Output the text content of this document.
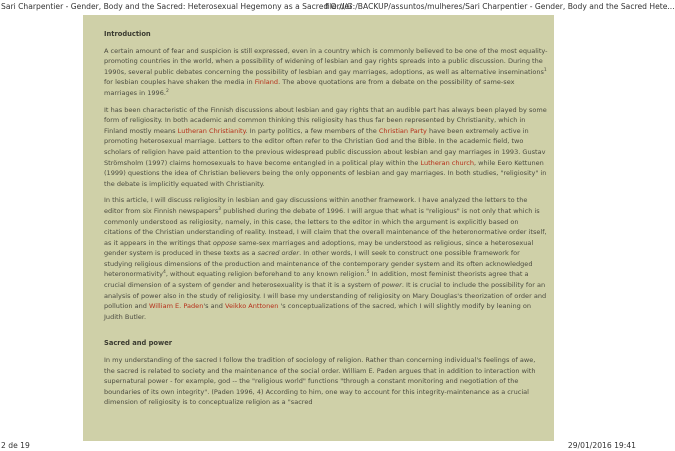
Sari Charpentier - Gender, Body and the Sacred: Heterosexual Hegemony as a Sacred Order
file:///G:/BACKUP/assuntos/mulheres/Sari Charpentier - Gender, Body and the Sacred Hete...
Introduction

A certain amount of fear and suspicion is still expressed, even in a country which is commonly believed to be one of the most equality-promoting countries in the world, when a possibility of widening of lesbian and gay rights spreads into a public discussion. During the 1990s, several public debates concerning the possibility of lesbian and gay marriages, adoptions, as well as alternative inseminations$^1$ for lesbian couples have shaken the media in Finland. The above quotations are from a debate on the possibility of same-sex marriages in 1996.$^2$

It has been characteristic of the Finnish discussions about lesbian and gay rights that an audible part has always been played by some form of religiosity. In both academic and common thinking this religiosity has thus far been represented by Christianity, which in Finland mostly means Lutheran Christianity. In party politics, a few members of the Christian Party have been extremely active in promoting heterosexual marriage. Letters to the editor often refer to the Christian God and the Bible. In the academic field, two scholars of religion have paid attention to the previous widespread public discussion about lesbian and gay marriages in 1993. Gustav Strömsholm (1997) claims homosexuals to have become entangled in a political play within the Lutheran church, while Eero Kettunen (1999) questions the idea of Christian believers being the only opponents of lesbian and gay marriages. In both studies, "religiosity" in the debate is implicitly equated with Christianity.

In this article, I will discuss religiosity in lesbian and gay discussions within another framework. I have analyzed the letters to the editor from six Finnish newspapers$^3$ published during the debate of 1996. I will argue that what is "religious" is not only that which is commonly understood as religiosity, namely, in this case, the letters to the editor in which the argument is explicitly based on citations of the Christian understanding of reality. Instead, I will claim that the overall maintenance of the heteronormative order itself, as it appears in the writings that oppose same-sex marriages and adoptions, may be understood as religious, since a heterosexual gender system is produced in these texts as a sacred order. In other words, I will seek to construct one possible framework for studying religious dimensions of the production and maintenance of the contemporary gender system and its often acknowledged heteronormativity$^4$, without equating religion beforehand to any known religion.$^5$ In addition, most feminist theorists agree that a crucial dimension of a system of gender and heterosexuality is that it is a system of power. It is crucial to include the possibility for an analysis of power also in the study of religiosity. I will base my understanding of religiosity on Mary Douglas's theorization of order and pollution and William E. Paden's and Veikko Anttonen 's conceptualizations of the sacred, which I will slightly modify by leaning on Judith Butler.

Sacred and power

In my understanding of the sacred I follow the tradition of sociology of religion. Rather than concerning individual's feelings of awe, the sacred is related to society and the maintenance of the social order. William E. Paden argues that in addition to interaction with supernatural power - for example, god -- the "religious world" functions "through a constant monitoring and negotiation of the boundaries of its own integrity". (Paden 1996, 4) According to him, one way to account for this integrity-maintenance as a crucial dimension of religiosity is to conceptualize religion as a "sacred

2 de 19	29/01/2016 19:41
